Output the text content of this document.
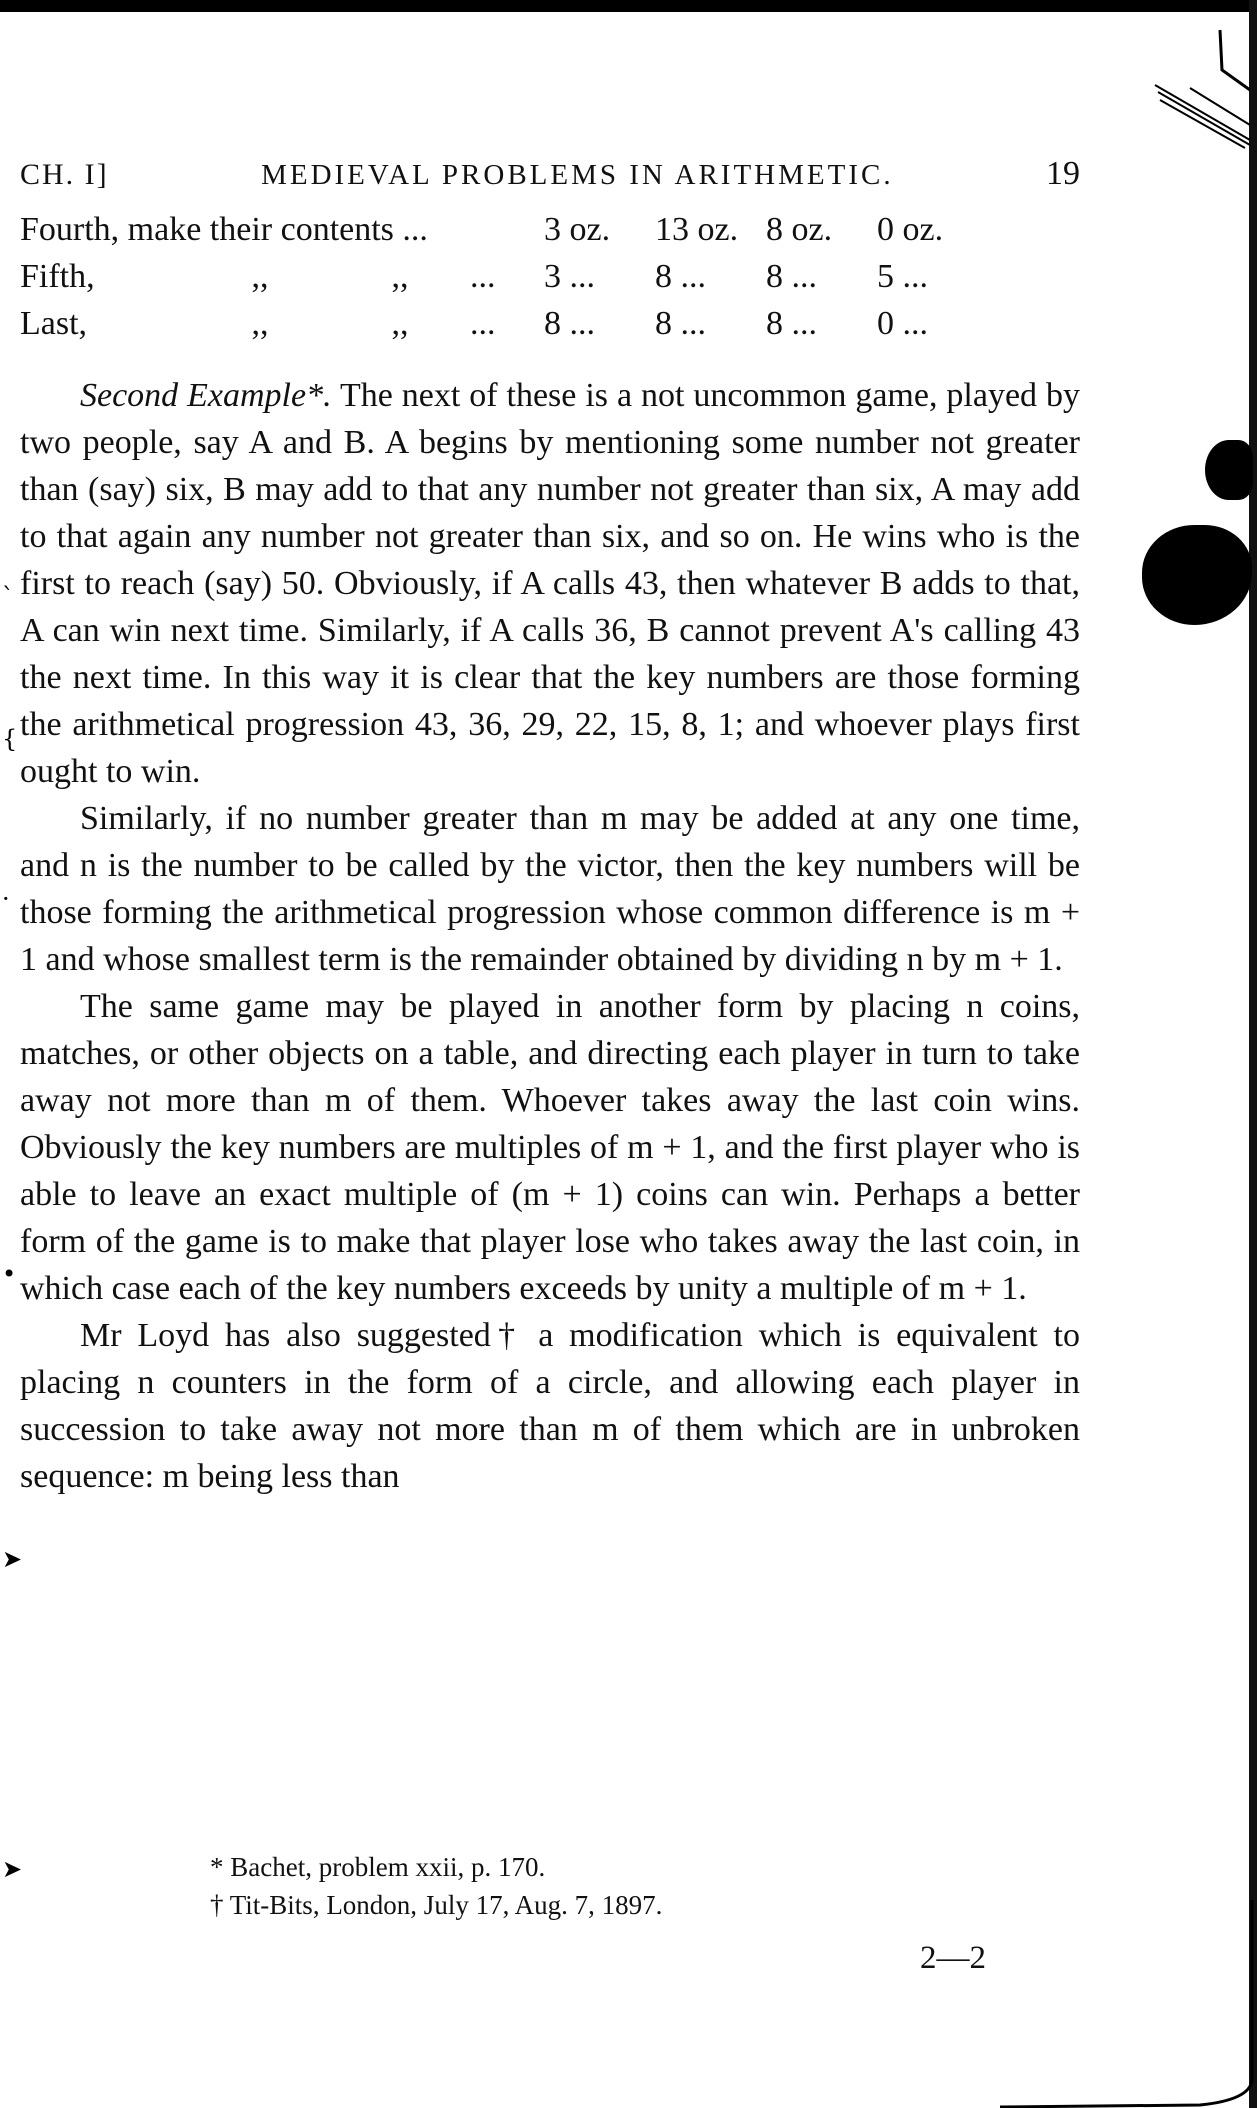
ˋ
{
·
•
➤
➤
CH. I]	MEDIEVAL PROBLEMS IN ARITHMETIC.	19
Fourth, make their contents ...				3 oz.	13 oz.	8 oz.	0 oz.
Fifth,	,,	,,	...	3 ...	8 ...	8 ...	5 ...
Last,	,,	,,	...	8 ...	8 ...	8 ...	0 ...

Second Example*. The next of these is a not uncommon game, played by two people, say A and B. A begins by mentioning some number not greater than (say) six, B may add to that any number not greater than six, A may add to that again any number not greater than six, and so on. He wins who is the first to reach (say) 50. Obviously, if A calls 43, then whatever B adds to that, A can win next time. Similarly, if A calls 36, B cannot prevent A's calling 43 the next time. In this way it is clear that the key numbers are those forming the arithmetical progression 43, 36, 29, 22, 15, 8, 1; and whoever plays first ought to win.

Similarly, if no number greater than m may be added at any one time, and n is the number to be called by the victor, then the key numbers will be those forming the arithmetical progression whose common difference is m + 1 and whose smallest term is the remainder obtained by dividing n by m + 1.

The same game may be played in another form by placing n coins, matches, or other objects on a table, and directing each player in turn to take away not more than m of them. Whoever takes away the last coin wins. Obviously the key numbers are multiples of m + 1, and the first player who is able to leave an exact multiple of (m + 1) coins can win. Perhaps a better form of the game is to make that player lose who takes away the last coin, in which case each of the key numbers exceeds by unity a multiple of m + 1.

Mr Loyd has also suggested† a modification which is equivalent to placing n counters in the form of a circle, and allowing each player in succession to take away not more than m of them which are in unbroken sequence: m being less than

* Bachet, problem xxii, p. 170.
† Tit-Bits, London, July 17, Aug. 7, 1897.
2—2
